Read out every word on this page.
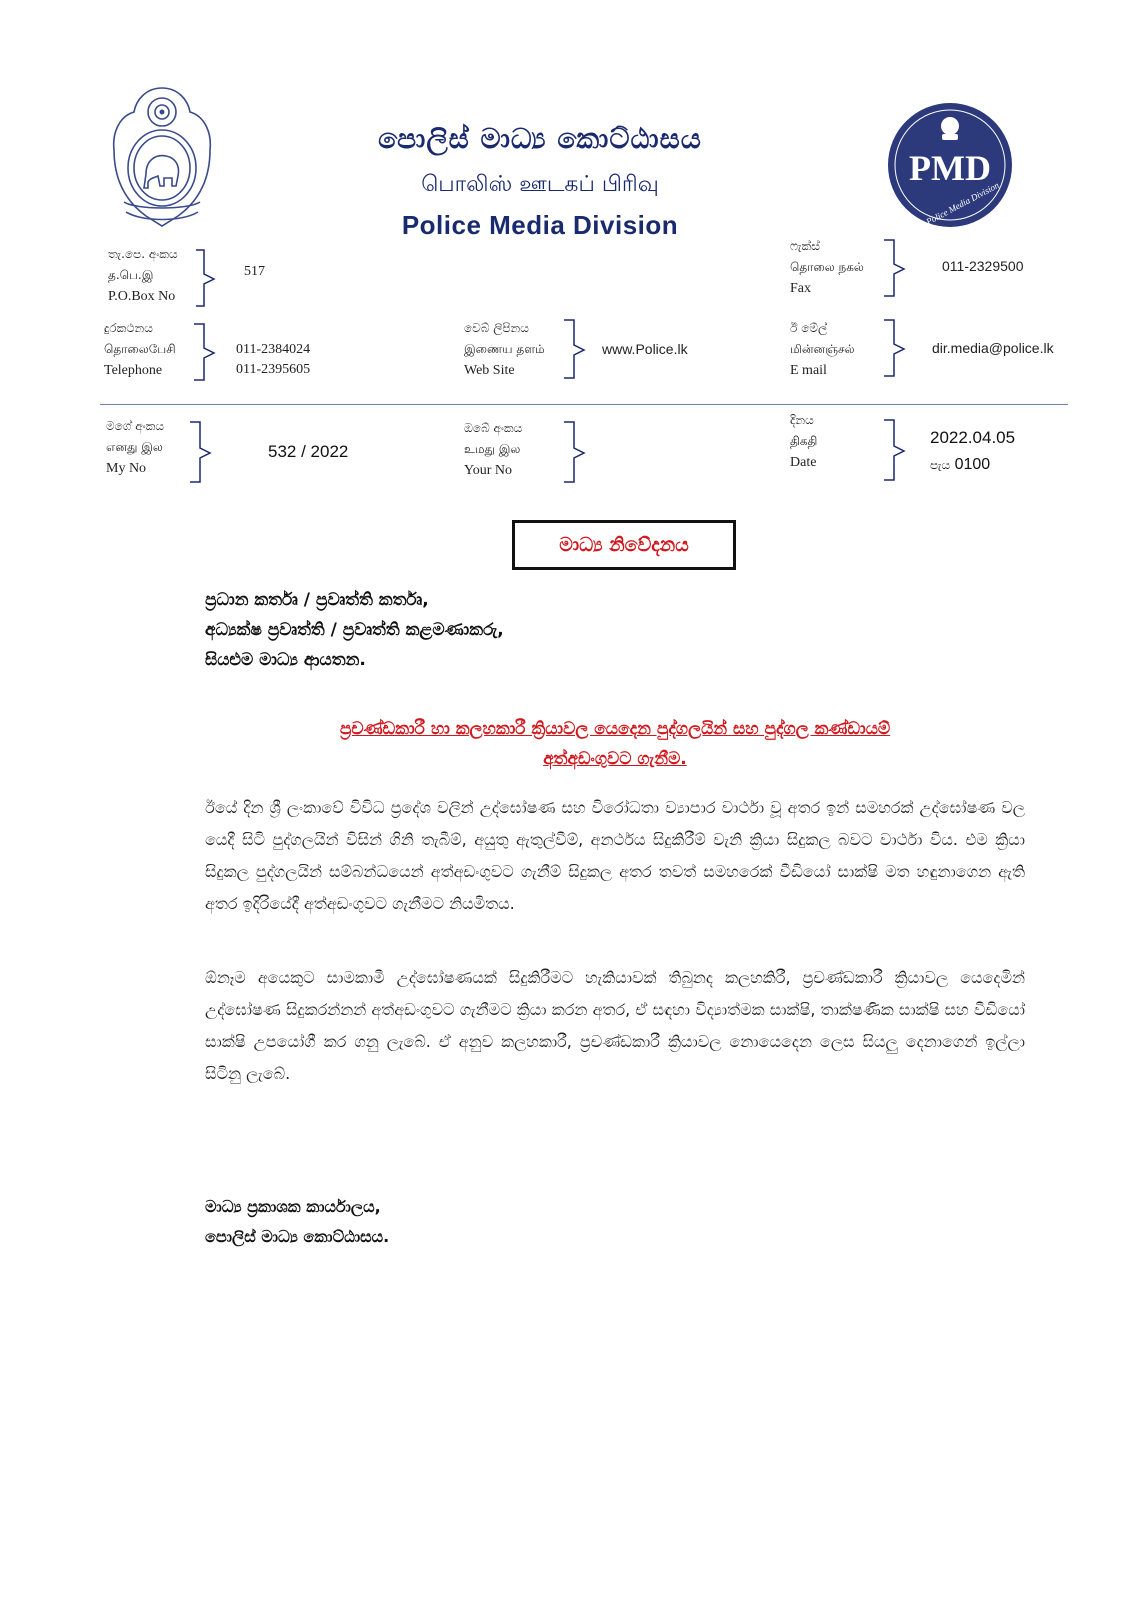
PMD
Police Media Division
පොලිස් මාධ්‍ය කොට්ඨාසය
பொலிஸ் ஊடகப் பிரிவு
Police Media Division
තැ.පෙ. අංකය
த.பெ.இ
P.O.Box No
517
ෆැක්ස්
தொலை நகல்
Fax
011-2329500
දුරකථනය
தொலைபேசி
Telephone
011-2384024
011-2395605
වෙබ් ලිපිනය
இணைய தளம்
Web Site
www.Police.lk
ඊ මේල්
மின்னஞ்சல்
E mail
dir.media@police.lk
මගේ අංකය
எனது இல
My No
532 / 2022
ඔබේ අංකය
உமது இல
Your No
දිනය
திகதி
Date
2022.04.05
පැය 0100
මාධ්‍ය නිවේදනය
ප්‍රධාන කර්තෘ / ප්‍රවෘත්ති කර්තෘ,
අධ්‍යක්ෂ ප්‍රවෘත්ති / ප්‍රවෘත්ති කළමණාකරු,
සියළුම මාධ්‍ය ආයතන.
ප්‍රචණ්ඩකාරී හා කලහකාරී ක්‍රියාවල යෙදෙන පුද්ගලයින් සහ පුද්ගල කණ්ඩායම්
අත්අඩංගුවට ගැනීම.
ඊයේ දින ශ්‍රී ලංකාවේ විවිධ ප්‍රදේශ වලින් උද්ඝෝෂණ සහ විරෝධතා ව්‍යාපාර වාර්ථා වූ අතර ඉන් සමහරක් උද්ඝෝෂණ වල යෙදී සිටි පුද්ගලයින් විසින් ගිනි තැබීම්, අයුතු ඇතුල්වීම්, අනර්ථය සිදුකිරීම් වැනි ක්‍රියා සිදුකල බවට වාර්ථා විය. එම ක්‍රියා සිදුකල පුද්ගලයින් සම්බන්ධයෙන් අත්අඩංගුවට ගැනීම් සිදුකල අතර තවත් සමහරෙක් වීඩියෝ සාක්ෂි මත හඳුනාගෙන ඇති අතර ඉදිරියේදී අත්අඩංගුවට ගැනීමට නියමිතය.
ඕනෑම අයෙකුට සාමකාමී උද්ඝෝෂණයක් සිදුකිරීමට හැකියාවක් තිබුනද කලහකිරී, ප්‍රචණ්ඩකාරී ක්‍රියාවල යෙදෙමින් උද්ඝෝෂණ සිදුකරන්නන් අත්අඩංගුවට ගැනීමට ක්‍රියා කරන අතර, ඒ සඳහා විද්‍යාත්මක සාක්ෂි, තාක්ෂණික සාක්ෂි සහ වීඩියෝ සාක්ෂි උපයෝගී කර ගනු ලැබේ. ඒ අනුව කලහකාරී, ප්‍රචණ්ඩකාරී ක්‍රියාවල නොයෙදෙන ලෙස සියලු දෙනාගෙන් ඉල්ලා සිටිනු ලැබේ.
මාධ්‍ය ප්‍රකාශක කාර්යාලය,
පොලිස් මාධ්‍ය කොට්ඨාසය.
